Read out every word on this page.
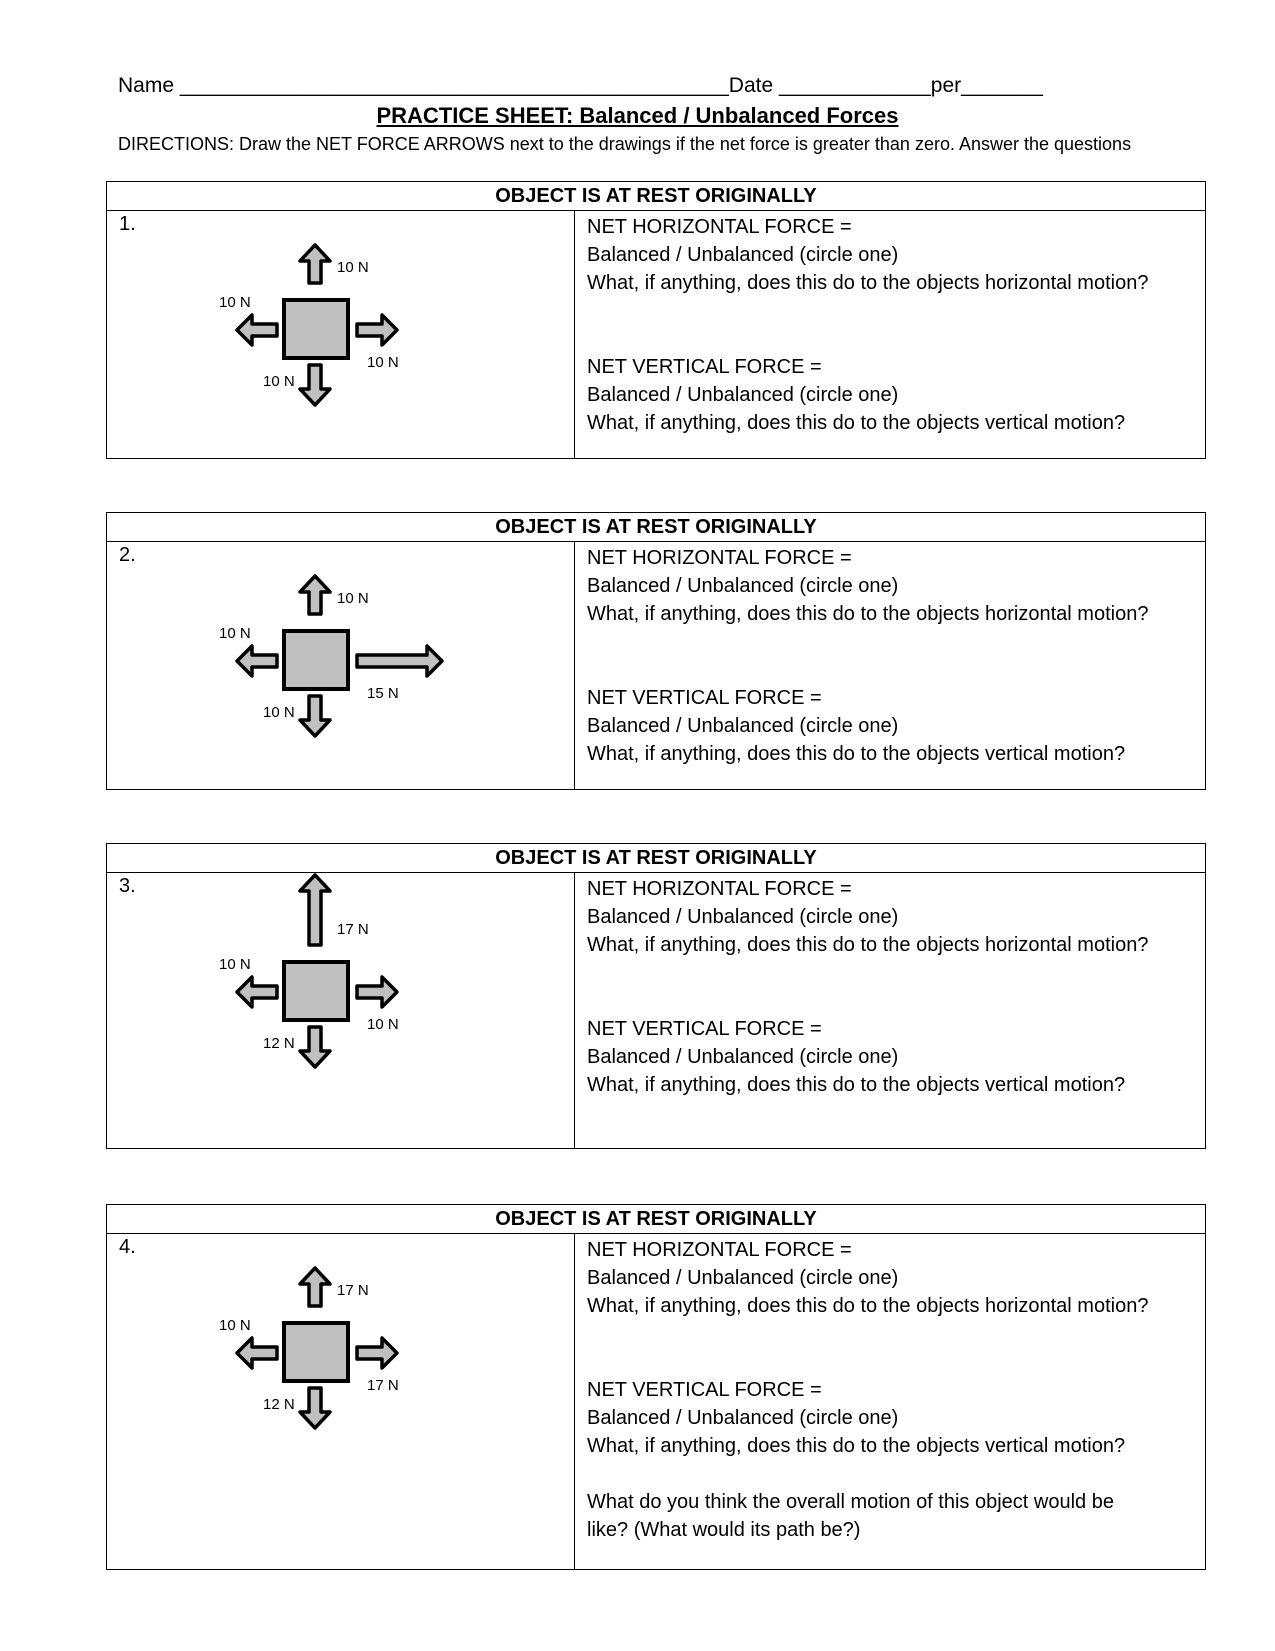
Name _______________________________________________Date _____________per_______
PRACTICE SHEET: Balanced / Unbalanced Forces
DIRECTIONS: Draw the NET FORCE ARROWS next to the drawings if the net force is greater than zero. Answer the questions
OBJECT IS AT REST ORIGINALLY
1.
10 N
10 N
10 N
10 N
NET HORIZONTAL FORCE =
Balanced / Unbalanced (circle one)
What, if anything, does this do to the objects horizontal motion?
NET VERTICAL FORCE =
Balanced / Unbalanced (circle one)
What, if anything, does this do to the objects vertical motion?
OBJECT IS AT REST ORIGINALLY
2.
10 N
10 N
15 N
10 N
NET HORIZONTAL FORCE =
Balanced / Unbalanced (circle one)
What, if anything, does this do to the objects horizontal motion?
NET VERTICAL FORCE =
Balanced / Unbalanced (circle one)
What, if anything, does this do to the objects vertical motion?
OBJECT IS AT REST ORIGINALLY
3.
17 N
10 N
10 N
12 N
NET HORIZONTAL FORCE =
Balanced / Unbalanced (circle one)
What, if anything, does this do to the objects horizontal motion?
NET VERTICAL FORCE =
Balanced / Unbalanced (circle one)
What, if anything, does this do to the objects vertical motion?
OBJECT IS AT REST ORIGINALLY
4.
17 N
10 N
17 N
12 N
NET HORIZONTAL FORCE =
Balanced / Unbalanced (circle one)
What, if anything, does this do to the objects horizontal motion?
NET VERTICAL FORCE =
Balanced / Unbalanced (circle one)
What, if anything, does this do to the objects vertical motion?
What do you think the overall motion of this object would be
like? (What would its path be?)
